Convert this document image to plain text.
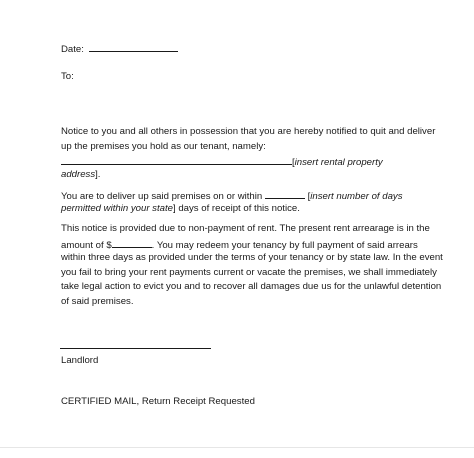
Date:
To:
Notice to you and all others in possession that you are hereby notified to quit and deliver
up the premises you hold as our tenant, namely:
[insert rental property
address].
You are to deliver up said premises on or within	[insert number of days
permitted within your state] days of receipt of this notice.
This notice is provided due to non-payment of rent. The present rent arrearage is in the
amount of $	. You may redeem your tenancy by full payment of said arrears
within three days as provided under the terms of your tenancy or by state law. In the event
you fail to bring your rent payments current or vacate the premises, we shall immediately
take legal action to evict you and to recover all damages due us for the unlawful detention
of said premises.
Landlord
CERTIFIED MAIL, Return Receipt Requested
